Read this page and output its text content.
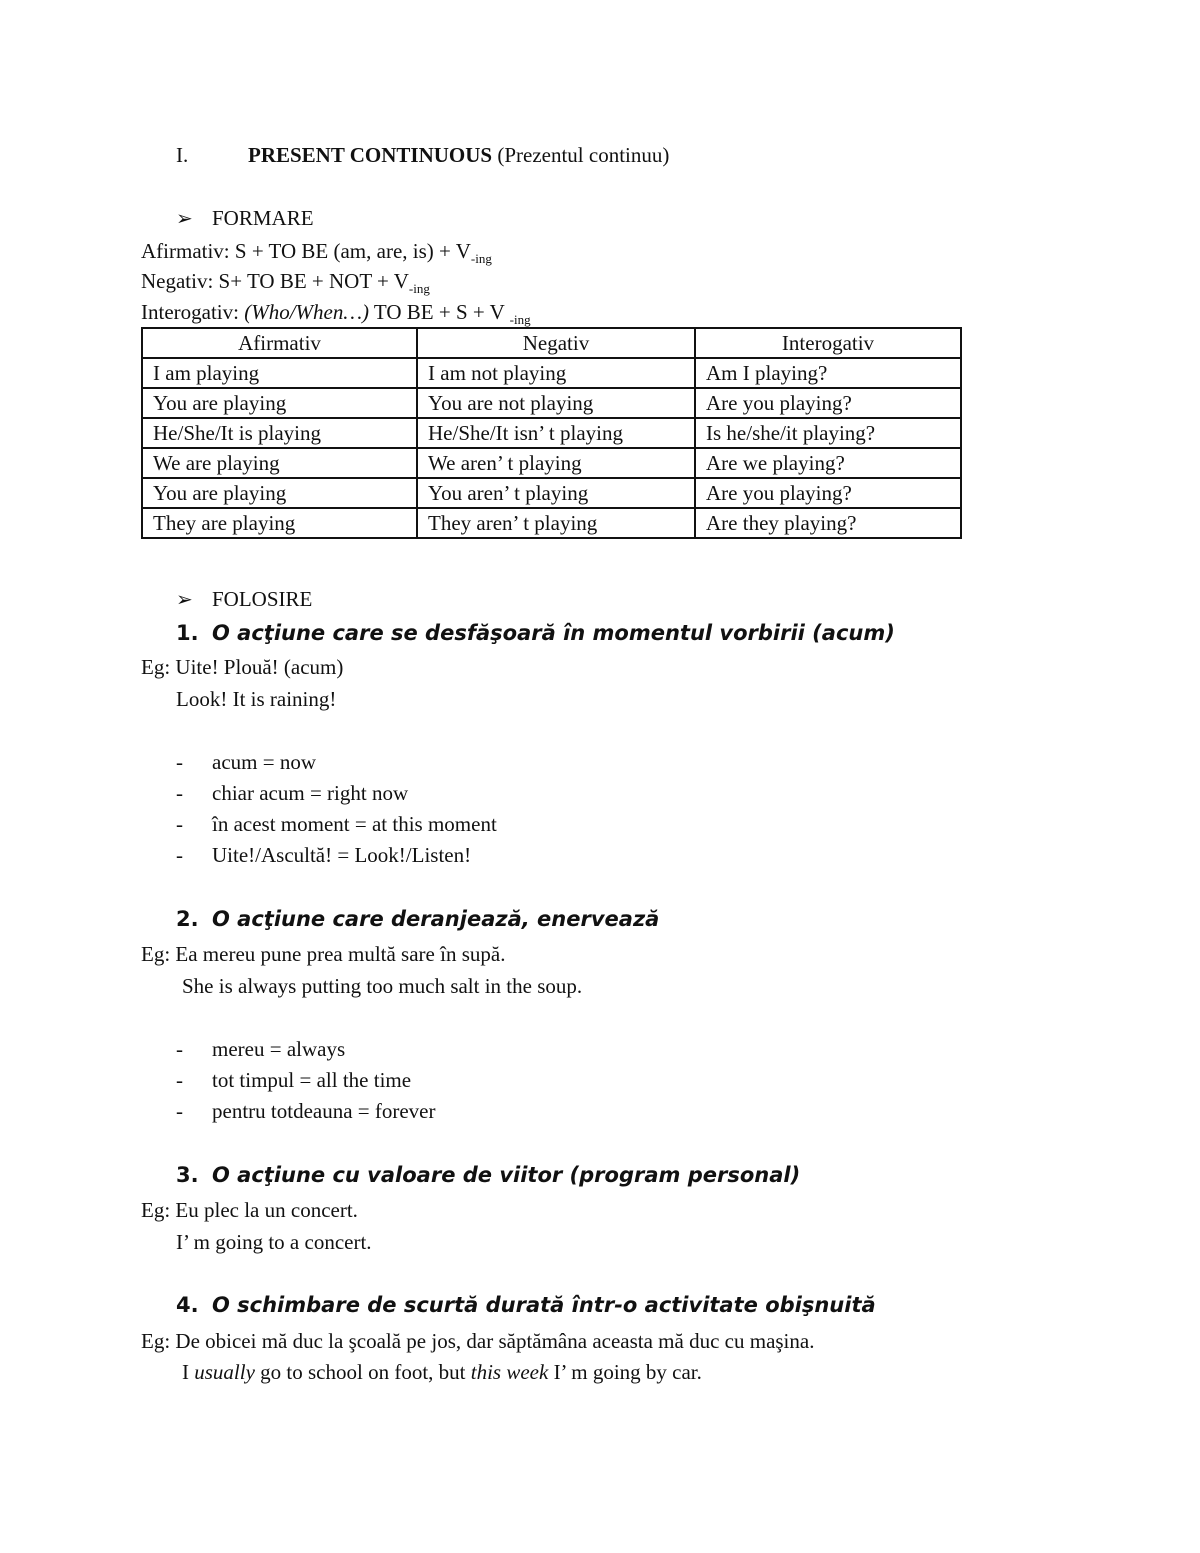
I.	PRESENT CONTINUOUS (Prezentul continuu)
➢ FORMARE
Afirmativ: S + TO BE (am, are, $is) + V_{-ing}$
Negativ: S+ TO BE + NOT + $V_{-ing}$
Interogativ: (Who/When…) TO BE + S + V $_{-ing}$
Afirmativ	Negativ	Interogativ
I am playing	I am not playing	Am I playing?
You are playing	You are not playing	Are you playing?
He/She/It is playing	He/She/It isn’ t playing	Is he/she/it playing?
We are playing	We aren’ t playing	Are we playing?
You are playing	You aren’ t playing	Are you playing?
They are playing	They aren’ t playing	Are they playing?
➢ FOLOSIRE
1. O acţiune care se desfăşoară în momentul vorbirii (acum)
Eg: Uite! Plouă! (acum)
Look! It is raining!
- acum = now
- chiar acum = right now
- în acest moment = at this moment
- Uite!/Ascultă! = Look!/Listen!
2. O acţiune care deranjează, enervează
Eg: Ea mereu pune prea multă sare în supă.
She is always putting too much salt in the soup.
- mereu = always
- tot timpul = all the time
- pentru totdeauna = forever
3. O acţiune cu valoare de viitor (program personal)
Eg: Eu plec la un concert.
I’ m going to a concert.
4. O schimbare de scurtă durată într-o activitate obişnuită
Eg: De obicei mă duc la şcoală pe jos, dar săptămâna aceasta mă duc cu maşina.
I usually go to school on foot, but this week I’ m going by car.
